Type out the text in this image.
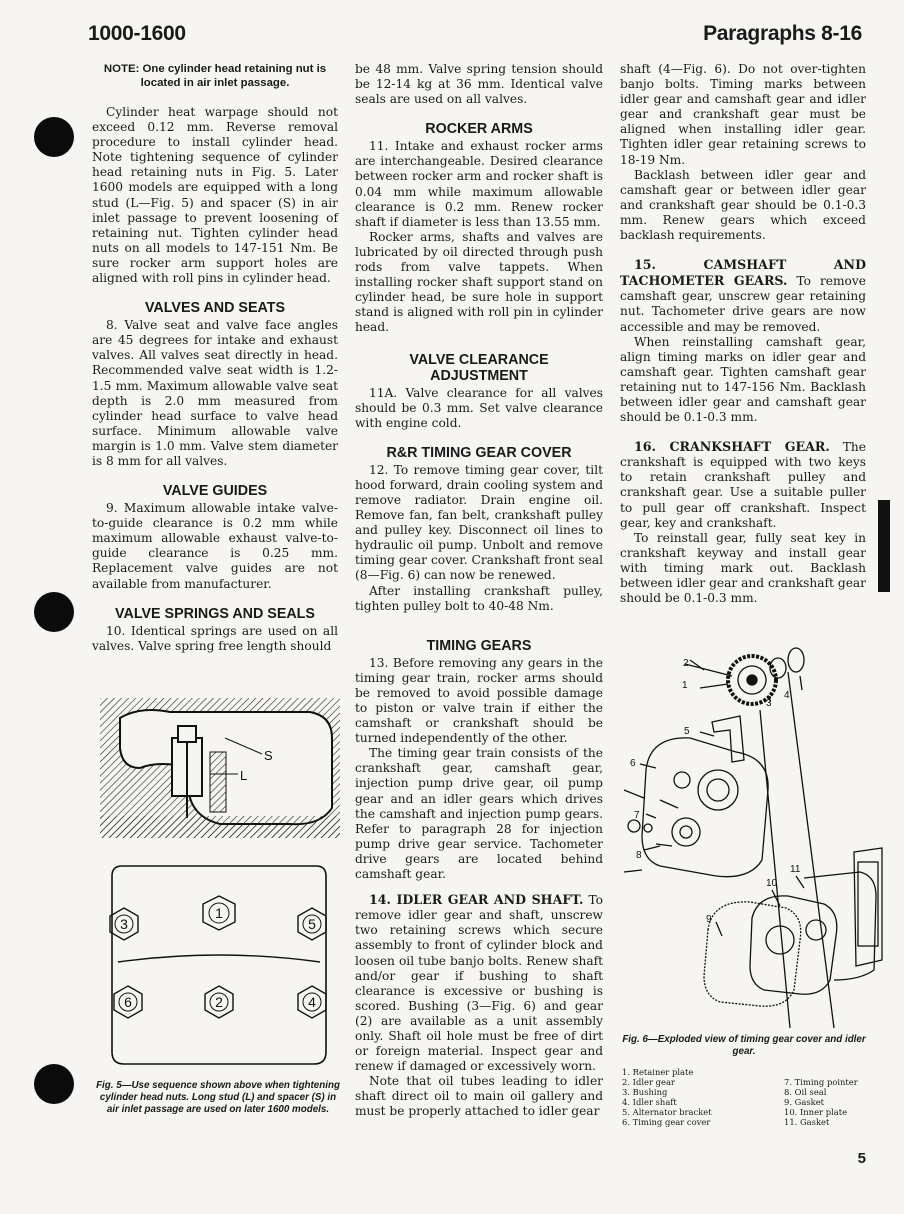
1000-1600	Paragraphs 8-16
NOTE: One cylinder head retaining nut is located in air inlet passage.

Cylinder heat warpage should not exceed 0.12 mm. Reverse removal procedure to install cylinder head. Note tightening sequence of cylinder head retaining nuts in Fig. 5. Later 1600 models are equipped with a long stud (L—Fig. 5) and spacer (S) in air inlet passage to prevent loosening of retaining nut. Tighten cylinder head nuts on all models to 147-151 Nm. Be sure rocker arm support holes are aligned with roll pins in cylinder head.

VALVES AND SEATS

8. Valve seat and valve face angles are 45 degrees for intake and exhaust valves. All valves seat directly in head. Recommended valve seat width is 1.2-1.5 mm. Maximum allowable valve seat depth is 2.0 mm measured from cylinder head surface to valve head surface. Minimum allowable valve margin is 1.0 mm. Valve stem diameter is 8 mm for all valves.

VALVE GUIDES

9. Maximum allowable intake valve-to-guide clearance is 0.2 mm while maximum allowable exhaust valve-to-guide clearance is 0.25 mm. Replacement valve guides are not available from manufacturer.

VALVE SPRINGS AND SEALS

10. Identical springs are used on all valves. Valve spring free length should

S
L
1
3	5
6	2	4
Fig. 5—Use sequence shown above when tightening cylinder head nuts. Long stud (L) and spacer (S) in air inlet passage are used on later 1600 models.

be 48 mm. Valve spring tension should be 12-14 kg at 36 mm. Identical valve seals are used on all valves.

ROCKER ARMS

11. Intake and exhaust rocker arms are interchangeable. Desired clearance between rocker arm and rocker shaft is 0.04 mm while maximum allowable clearance is 0.2 mm. Renew rocker shaft if diameter is less than 13.55 mm.

Rocker arms, shafts and valves are lubricated by oil directed through push rods from valve tappets. When installing rocker shaft support stand on cylinder head, be sure hole in support stand is aligned with roll pin in cylinder head.

VALVE CLEARANCE
ADJUSTMENT

11A. Valve clearance for all valves should be 0.3 mm. Set valve clearance with engine cold.

R&R TIMING GEAR COVER

12. To remove timing gear cover, tilt hood forward, drain cooling system and remove radiator. Drain engine oil. Remove fan, fan belt, crankshaft pulley and pulley key. Disconnect oil lines to hydraulic oil pump. Unbolt and remove timing gear cover. Crankshaft front seal (8—Fig. 6) can now be renewed.

After installing crankshaft pulley, tighten pulley bolt to 40-48 Nm.

TIMING GEARS

13. Before removing any gears in the timing gear train, rocker arms should be removed to avoid possible damage to piston or valve train if either the camshaft or crankshaft should be turned independently of the other.

The timing gear train consists of the crankshaft gear, camshaft gear, injection pump drive gear, oil pump gear and an idler gears which drives the camshaft and injection pump gears. Refer to paragraph 28 for injection pump drive gear service. Tachometer drive gears are located behind camshaft gear.

14. IDLER GEAR AND SHAFT. To remove idler gear and shaft, unscrew two retaining screws which secure assembly to front of cylinder block and loosen oil tube banjo bolts. Renew shaft and/or gear if bushing to shaft clearance is excessive or bushing is scored. Bushing (3—Fig. 6) and gear (2) are available as a unit assembly only. Shaft oil hole must be free of dirt or foreign material. Inspect gear and renew if damaged or excessively worn.

Note that oil tubes leading to idler shaft direct oil to main oil gallery and must be properly attached to idler gear

shaft (4—Fig. 6). Do not over-tighten banjo bolts. Timing marks between idler gear and camshaft gear and idler gear and crankshaft gear must be aligned when installing idler gear. Tighten idler gear retaining screws to 18-19 Nm.

Backlash between idler gear and camshaft gear or between idler gear and crankshaft gear should be 0.1-0.3 mm. Renew gears which exceed backlash requirements.

15. CAMSHAFT AND TACHOMETER GEARS. To remove camshaft gear, unscrew gear retaining nut. Tachometer drive gears are now accessible and may be removed.

When reinstalling camshaft gear, align timing marks on idler gear and camshaft gear. Tighten camshaft gear retaining nut to 147-156 Nm. Backlash between idler gear and camshaft gear should be 0.1-0.3 mm.

16. CRANKSHAFT GEAR. The crankshaft is equipped with two keys to retain crankshaft pulley and crankshaft gear. Use a suitable puller to pull gear off crankshaft. Inspect gear, key and crankshaft.

To reinstall gear, fully seat key in crankshaft keyway and install gear with timing mark out. Backlash between idler gear and crankshaft gear should be 0.1-0.3 mm.

2
1
3
4
5
6
7
8
9
10
11
Fig. 6—Exploded view of timing gear cover and idler gear.
1. Retainer plate
2. Idler gear
3. Bushing
4. Idler shaft
5. Alternator bracket
6. Timing gear cover
7. Timing pointer
8. Oil seal
9. Gasket
10. Inner plate
11. Gasket
5
